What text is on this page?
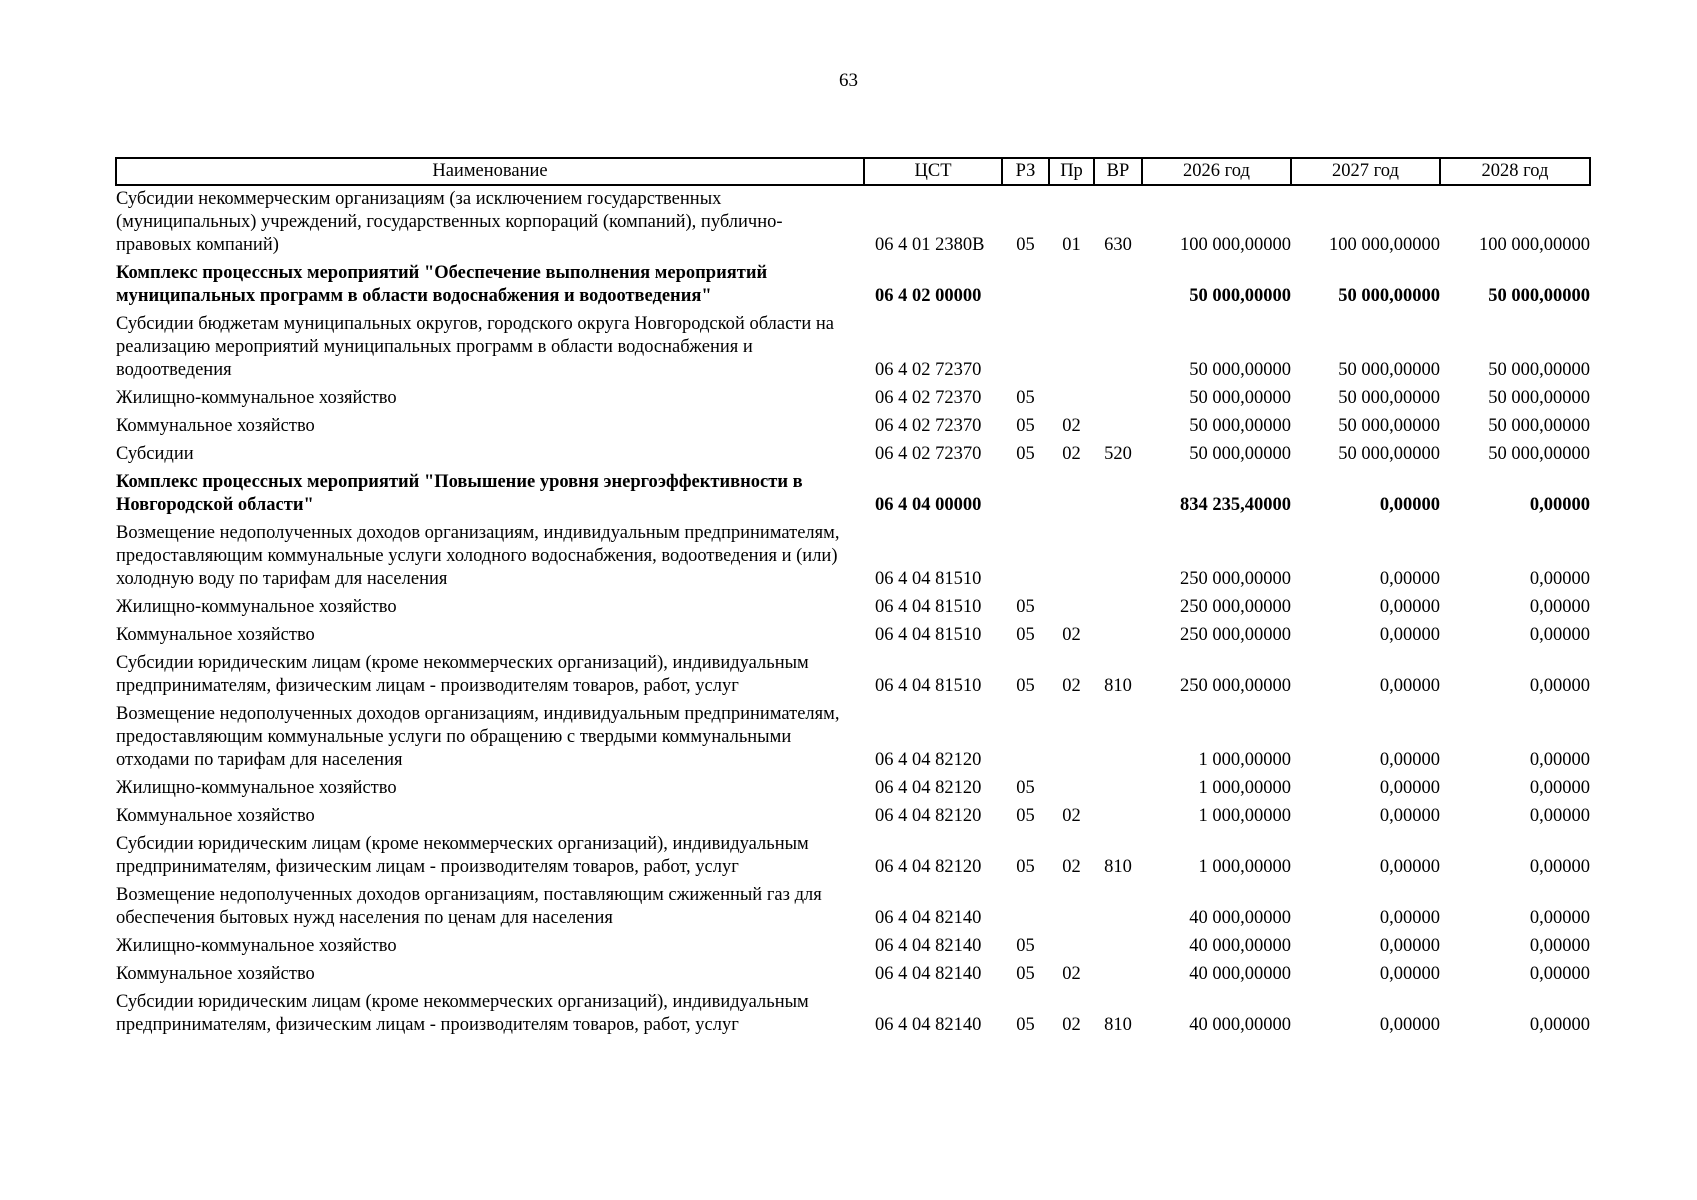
63
Наименование	ЦСТ	РЗ	Пр	ВР	2026 год	2027 год	2028 год
Субсидии некоммерческим организациям (за исключением государственных (муниципальных) учреждений, государственных корпораций (компаний), публично-правовых компаний)	06 4 01 2380В	05	01	630	100 000,00000	100 000,00000	100 000,00000
Комплекс процессных мероприятий "Обеспечение выполнения мероприятий муниципальных программ в области водоснабжения и водоотведения"	06 4 02 00000				50 000,00000	50 000,00000	50 000,00000
Субсидии бюджетам муниципальных округов, городского округа Новгородской области на реализацию мероприятий муниципальных программ в области водоснабжения и водоотведения	06 4 02 72370				50 000,00000	50 000,00000	50 000,00000
Жилищно-коммунальное хозяйство	06 4 02 72370	05			50 000,00000	50 000,00000	50 000,00000
Коммунальное хозяйство	06 4 02 72370	05	02		50 000,00000	50 000,00000	50 000,00000
Субсидии	06 4 02 72370	05	02	520	50 000,00000	50 000,00000	50 000,00000
Комплекс процессных мероприятий "Повышение уровня энергоэффективности в Новгородской области"	06 4 04 00000				834 235,40000	0,00000	0,00000
Возмещение недополученных доходов организациям, индивидуальным предпринимателям, предоставляющим коммунальные услуги холодного водоснабжения, водоотведения и (или) холодную воду по тарифам для населения	06 4 04 81510				250 000,00000	0,00000	0,00000
Жилищно-коммунальное хозяйство	06 4 04 81510	05			250 000,00000	0,00000	0,00000
Коммунальное хозяйство	06 4 04 81510	05	02		250 000,00000	0,00000	0,00000
Субсидии юридическим лицам (кроме некоммерческих организаций), индивидуальным предпринимателям, физическим лицам - производителям товаров, работ, услуг	06 4 04 81510	05	02	810	250 000,00000	0,00000	0,00000
Возмещение недополученных доходов организациям, индивидуальным предпринимателям, предоставляющим коммунальные услуги по обращению с твердыми коммунальными отходами по тарифам для населения	06 4 04 82120				1 000,00000	0,00000	0,00000
Жилищно-коммунальное хозяйство	06 4 04 82120	05			1 000,00000	0,00000	0,00000
Коммунальное хозяйство	06 4 04 82120	05	02		1 000,00000	0,00000	0,00000
Субсидии юридическим лицам (кроме некоммерческих организаций), индивидуальным предпринимателям, физическим лицам - производителям товаров, работ, услуг	06 4 04 82120	05	02	810	1 000,00000	0,00000	0,00000
Возмещение недополученных доходов организациям, поставляющим сжиженный газ для обеспечения бытовых нужд населения по ценам для населения	06 4 04 82140				40 000,00000	0,00000	0,00000
Жилищно-коммунальное хозяйство	06 4 04 82140	05			40 000,00000	0,00000	0,00000
Коммунальное хозяйство	06 4 04 82140	05	02		40 000,00000	0,00000	0,00000
Субсидии юридическим лицам (кроме некоммерческих организаций), индивидуальным предпринимателям, физическим лицам - производителям товаров, работ, услуг	06 4 04 82140	05	02	810	40 000,00000	0,00000	0,00000
